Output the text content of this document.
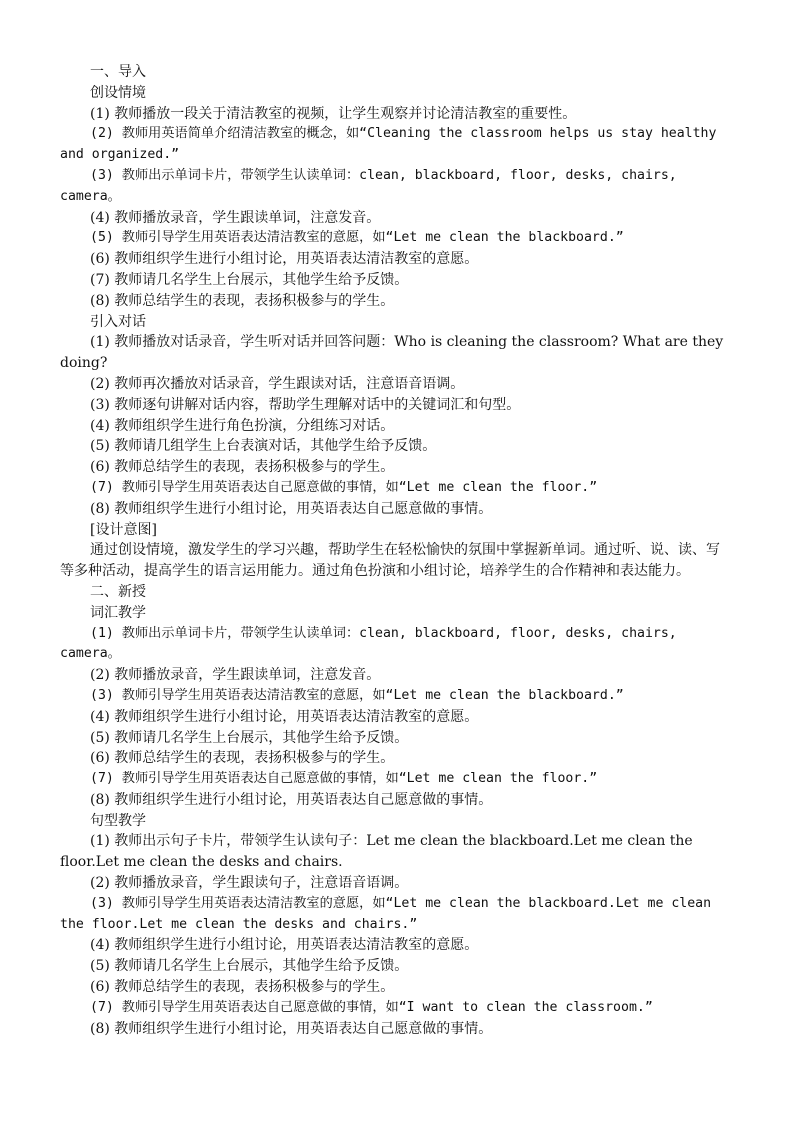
一、导入

创设情境

(1) 教师播放一段关于清洁教室的视频，让学生观察并讨论清洁教室的重要性。

(2) 教师用英语简单介绍清洁教室的概念，如“Cleaning the classroom helps us stay healthy and organized.”

(3) 教师出示单词卡片，带领学生认读单词：clean, blackboard, floor, desks, chairs, camera。

(4) 教师播放录音，学生跟读单词，注意发音。

(5) 教师引导学生用英语表达清洁教室的意愿，如“Let me clean the blackboard.”

(6) 教师组织学生进行小组讨论，用英语表达清洁教室的意愿。

(7) 教师请几名学生上台展示，其他学生给予反馈。

(8) 教师总结学生的表现，表扬积极参与的学生。

引入对话

(1) 教师播放对话录音，学生听对话并回答问题：Who is cleaning the classroom? What are they doing?

(2) 教师再次播放对话录音，学生跟读对话，注意语音语调。

(3) 教师逐句讲解对话内容，帮助学生理解对话中的关键词汇和句型。

(4) 教师组织学生进行角色扮演，分组练习对话。

(5) 教师请几组学生上台表演对话，其他学生给予反馈。

(6) 教师总结学生的表现，表扬积极参与的学生。

(7) 教师引导学生用英语表达自己愿意做的事情，如“Let me clean the floor.”

(8) 教师组织学生进行小组讨论，用英语表达自己愿意做的事情。

[设计意图]

通过创设情境，激发学生的学习兴趣，帮助学生在轻松愉快的氛围中掌握新单词。通过听、说、读、写等多种活动，提高学生的语言运用能力。通过角色扮演和小组讨论，培养学生的合作精神和表达能力。

二、新授

词汇教学

(1) 教师出示单词卡片，带领学生认读单词：clean, blackboard, floor, desks, chairs, camera。

(2) 教师播放录音，学生跟读单词，注意发音。

(3) 教师引导学生用英语表达清洁教室的意愿，如“Let me clean the blackboard.”

(4) 教师组织学生进行小组讨论，用英语表达清洁教室的意愿。

(5) 教师请几名学生上台展示，其他学生给予反馈。

(6) 教师总结学生的表现，表扬积极参与的学生。

(7) 教师引导学生用英语表达自己愿意做的事情，如“Let me clean the floor.”

(8) 教师组织学生进行小组讨论，用英语表达自己愿意做的事情。

句型教学

(1) 教师出示句子卡片，带领学生认读句子：Let me clean the blackboard.Let me clean the floor.Let me clean the desks and chairs.

(2) 教师播放录音，学生跟读句子，注意语音语调。

(3) 教师引导学生用英语表达清洁教室的意愿，如“Let me clean the blackboard.Let me clean the floor.Let me clean the desks and chairs.”

(4) 教师组织学生进行小组讨论，用英语表达清洁教室的意愿。

(5) 教师请几名学生上台展示，其他学生给予反馈。

(6) 教师总结学生的表现，表扬积极参与的学生。

(7) 教师引导学生用英语表达自己愿意做的事情，如“I want to clean the classroom.”

(8) 教师组织学生进行小组讨论，用英语表达自己愿意做的事情。
